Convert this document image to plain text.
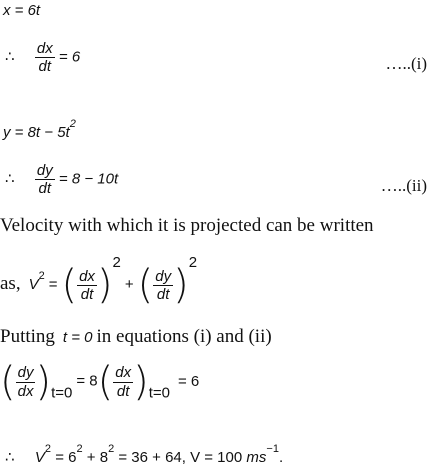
x = 6t
∴ $\frac{dx}{dt} = 6$	…..(i)
$y = 8t - 5t^2$
∴ $\frac{dy}{dt} = 8 - 10t$	…..(ii)
Velocity with which it is projected can be written
as, $V^2$ = ( $\frac{dx}{dt} )^2$ + ( $\frac{dy}{dt} )^2$
Putting t = 0 in equations (i) and (ii)
( $\frac{dy}{dx} )_{t=0} = 8( \frac{dx}{dt} )_{t=0} = 6$
∴ $V^2 = 6^2 + 8^2 = 36 + 64$, V = 100 $ms^{-1}$.
